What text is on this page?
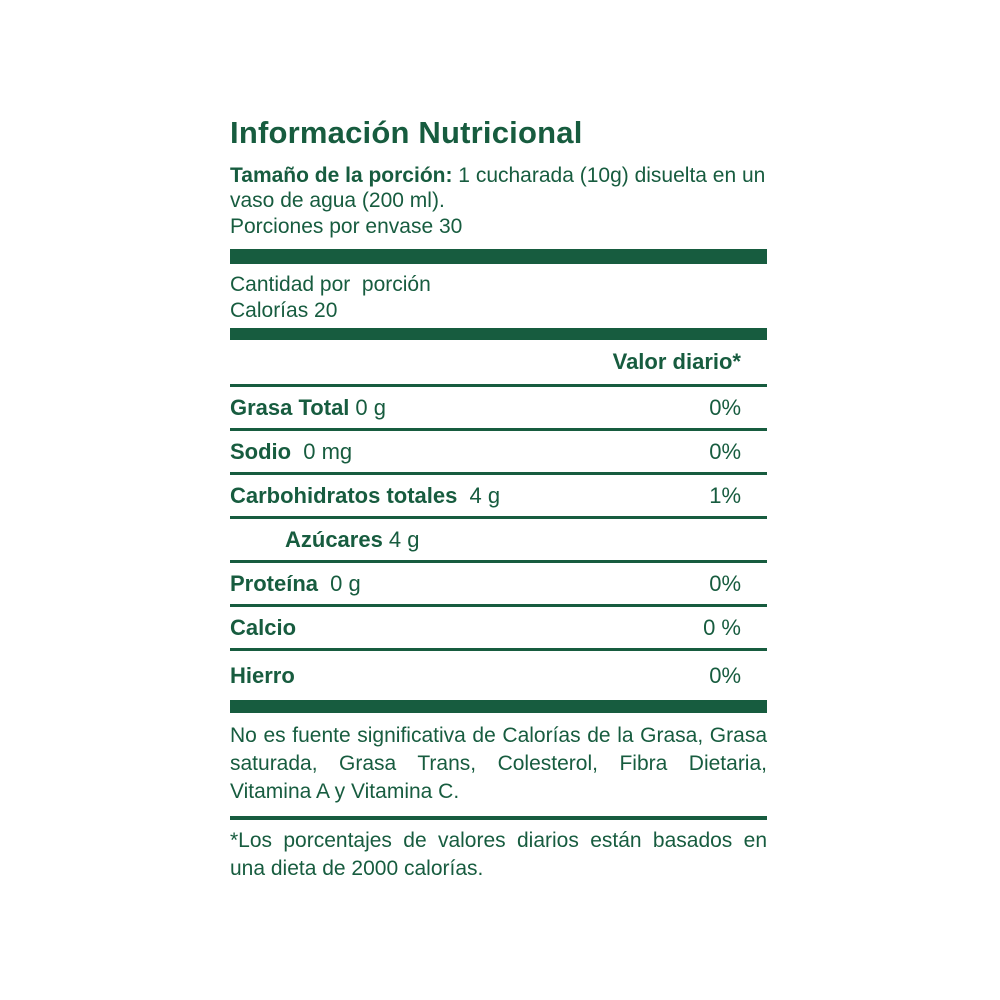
Información Nutricional

Tamaño de la porción: 1 cucharada (10g) disuelta en un vaso de agua (200 ml).

Porciones por envase 30
Cantidad por  porción
Calorías 20
Valor diario*
Grasa Total 0 g	0%
Sodio 0 mg	0%
Carbohidratos totales 4 g	1%
Azúcares 4 g
Proteína 0 g	0%
Calcio	0 %
Hierro	0%

No es fuente significativa de Calorías de la Grasa, Grasa saturada, Grasa Trans, Colesterol, Fibra Dietaria, Vitamina A y Vitamina C.

*Los porcentajes de valores diarios están basados en una dieta de 2000 calorías.
